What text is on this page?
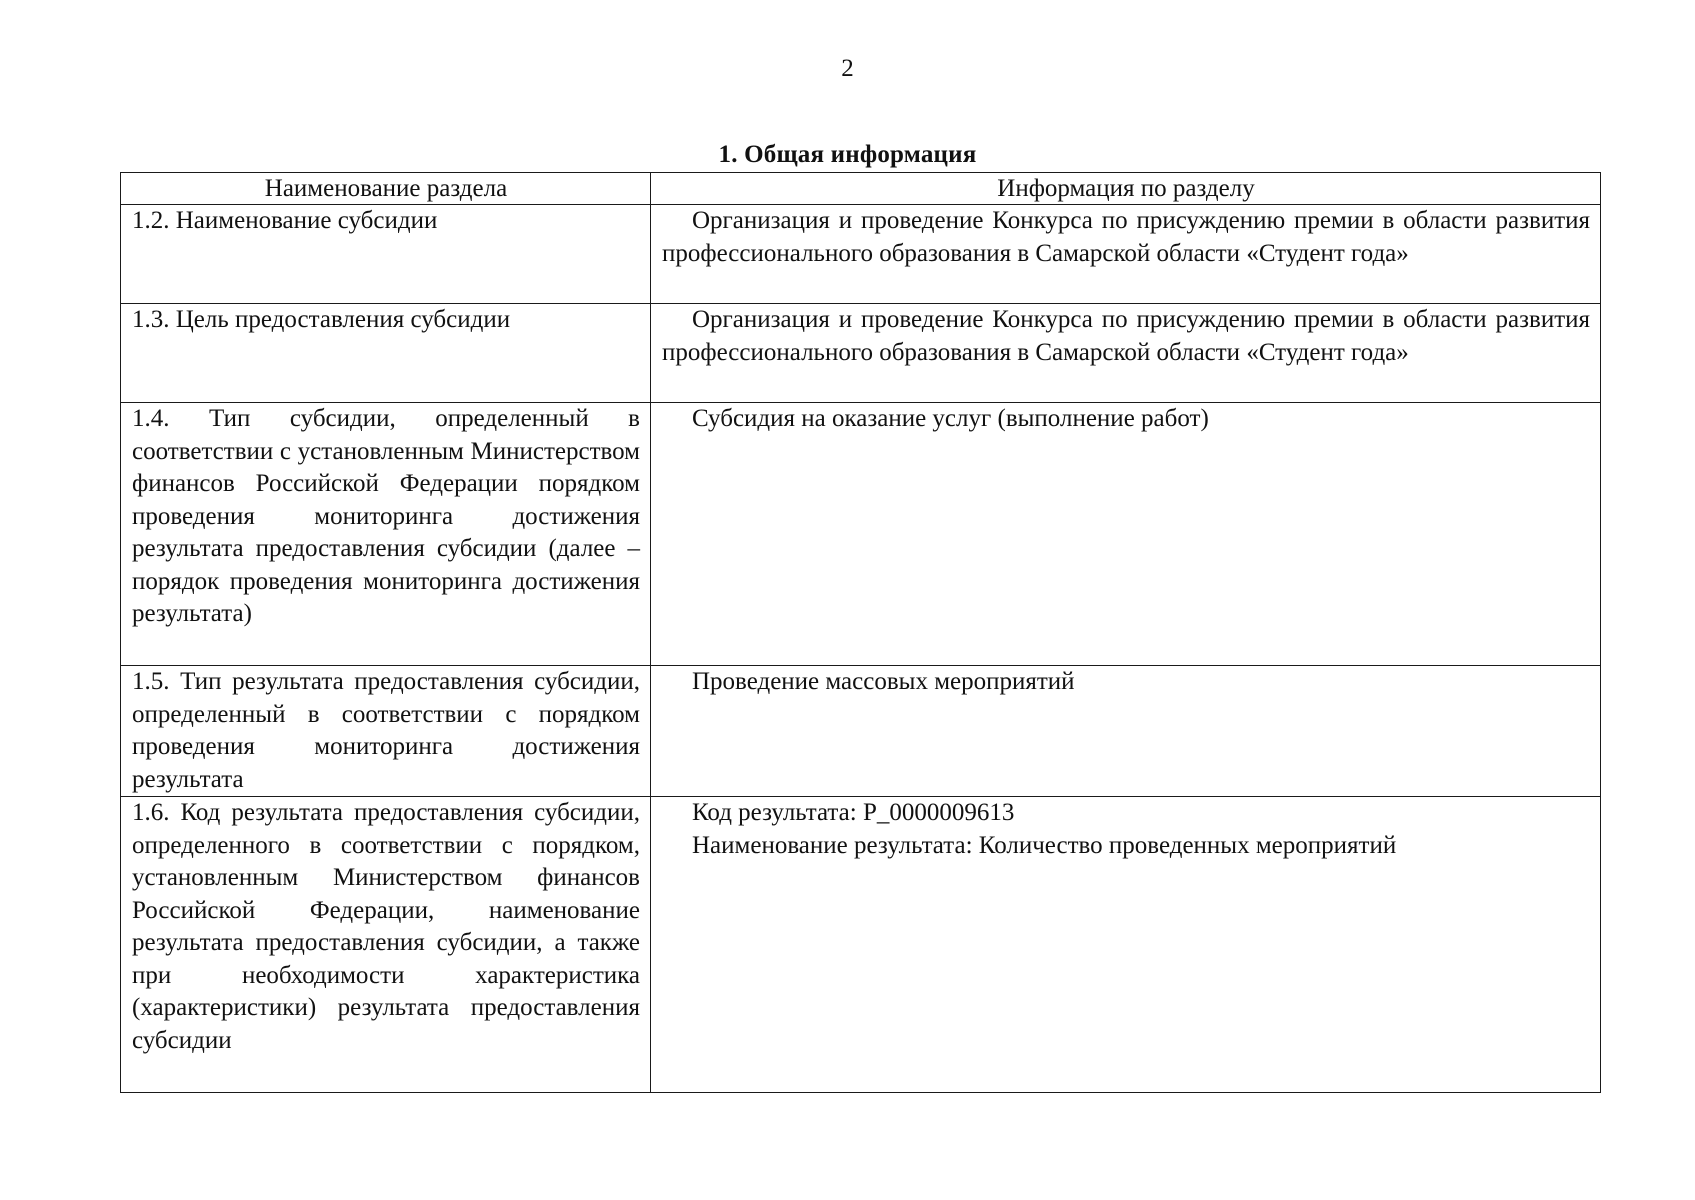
2
1. Общая информация
Наименование раздела	Информация по разделу
1.2. Наименование субсидии	Организация и проведение Конкурса по присуждению премии в области развития профессионального образования в Самарской области «Студент года»

1.3. Цель предоставления субсидии	Организация и проведение Конкурса по присуждению премии в области развития профессионального образования в Самарской области «Студент года»

1.4. Тип субсидии, определенный в соответствии с установленным Министерством финансов Российской Федерации порядком проведения мониторинга достижения результата предоставления субсидии (далее – порядок проведения мониторинга достижения результата)	Субсидия на оказание услуг (выполнение работ)

1.5. Тип результата предоставления субсидии, определенный в соответствии с порядком проведения мониторинга достижения результата	Проведение массовых мероприятий

1.6. Код результата предоставления субсидии, определенного в соответствии с порядком, установленным Министерством финансов Российской Федерации, наименование результата предоставления субсидии, а также при необходимости характеристика (характеристики) результата предоставления субсидии	Код результата: P_0000009613

Наименование результата: Количество проведенных мероприятий
